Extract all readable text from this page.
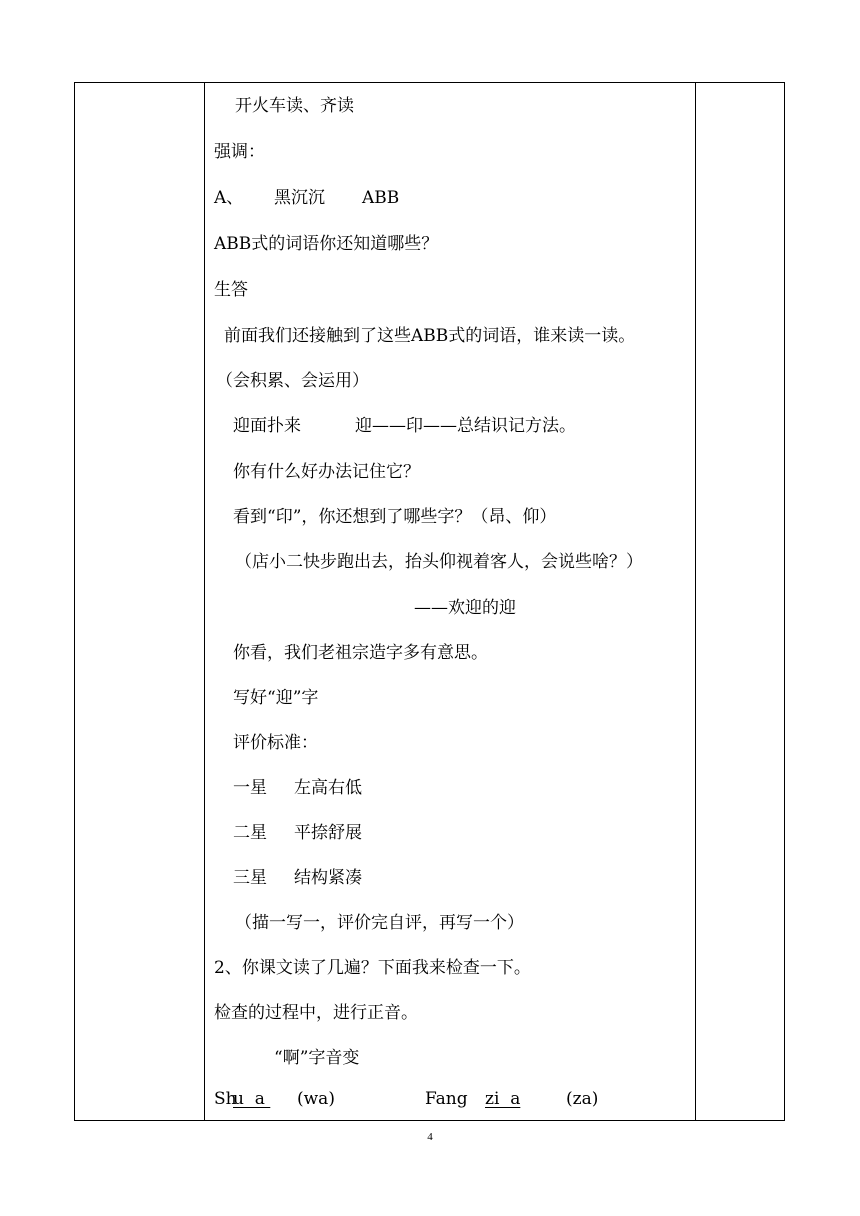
开火车读、齐读
强调：
A、 黑沉沉 ABB
ABB式的词语你还知道哪些？
生答
前面我们还接触到了这些ABB式的词语，谁来读一读。
（会积累、会运用）
迎面扑来	迎——印——总结识记方法。
你有什么好办法记住它？
看到“印”，你还想到了哪些字？（昂、仰）
（店小二快步跑出去，抬头仰视着客人，会说些啥？）
——欢迎的迎
你看，我们老祖宗造字多有意思。
写好“迎”字
评价标准：
一星 左高右低
二星 平捺舒展
三星 结构紧凑
（描一写一，评价完自评，再写一个）
2、你课文读了几遍？下面我来检查一下。
检查的过程中，进行正音。
“啊”字音变
Sh
u  a (wa)	Fang zi  a	(za)
4
